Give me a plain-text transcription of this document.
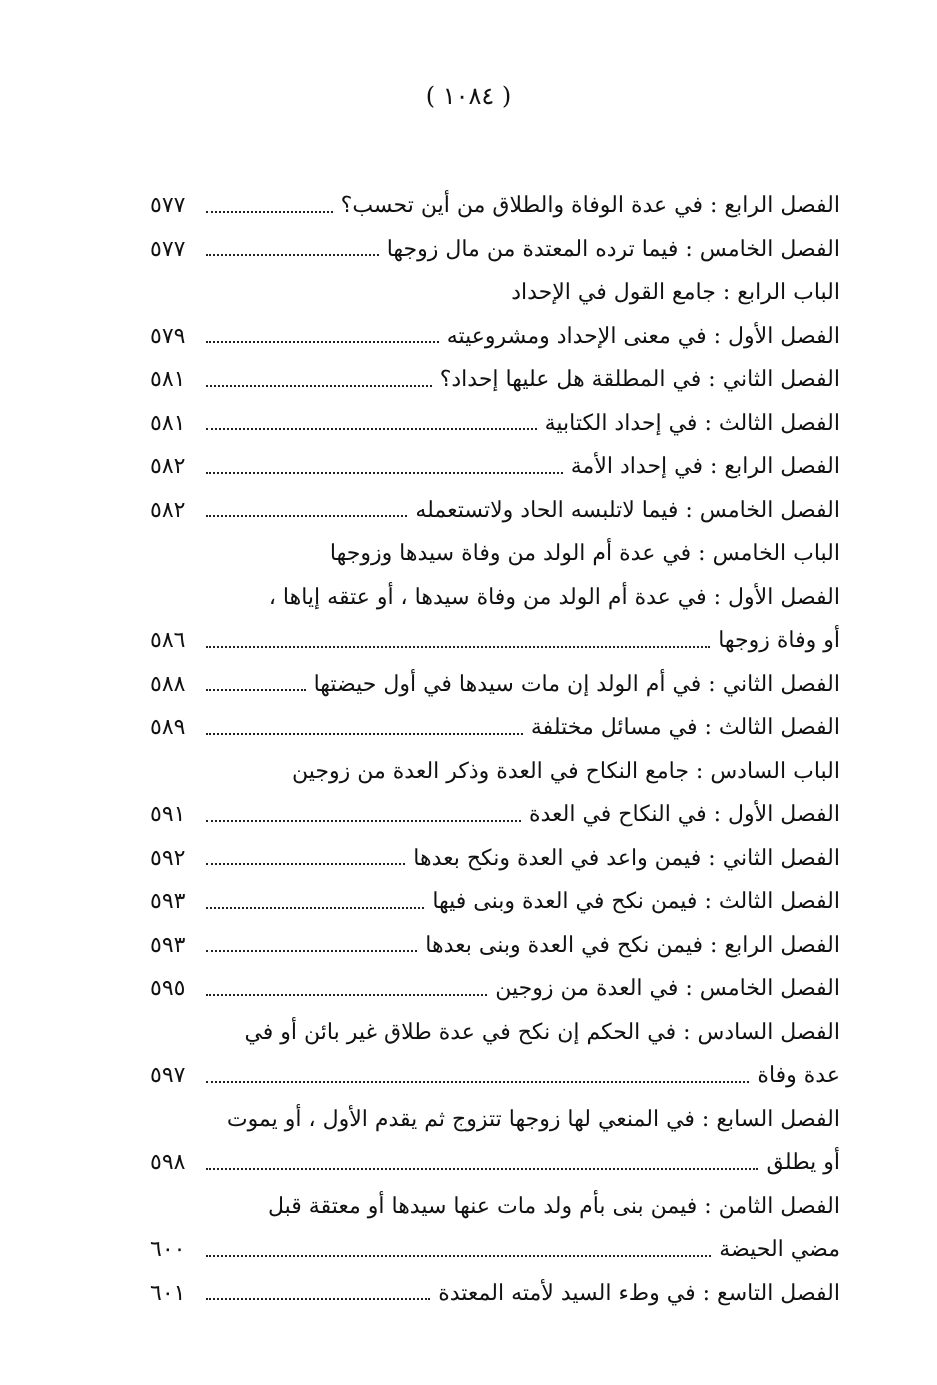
( ١٠٨٤ )
الفصل الرابع : في عدة الوفاة والطلاق من أين تحسب؟
٥٧٧
الفصل الخامس : فيما ترده المعتدة من مال زوجها
٥٧٧
الباب الرابع : جامع القول في الإحداد
الفصل الأول : في معنى الإحداد ومشروعيته
٥٧٩
الفصل الثاني : في المطلقة هل عليها إحداد؟
٥٨١
الفصل الثالث : في إحداد الكتابية
٥٨١
الفصل الرابع : في إحداد الأمة
٥٨٢
الفصل الخامس : فيما لاتلبسه الحاد ولاتستعمله
٥٨٢
الباب الخامس : في عدة أم الولد من وفاة سيدها وزوجها
الفصل الأول : في عدة أم الولد من وفاة سيدها ، أو عتقه إياها ،
أو وفاة زوجها
٥٨٦
الفصل الثاني : في أم الولد إن مات سيدها في أول حيضتها
٥٨٨
الفصل الثالث : في مسائل مختلفة
٥٨٩
الباب السادس : جامع النكاح في العدة وذكر العدة من زوجين
الفصل الأول : في النكاح في العدة
٥٩١
الفصل الثاني : فيمن واعد في العدة ونكح بعدها
٥٩٢
الفصل الثالث : فيمن نكح في العدة وبنى فيها
٥٩٣
الفصل الرابع : فيمن نكح في العدة وبنى بعدها
٥٩٣
الفصل الخامس : في العدة من زوجين
٥٩٥
الفصل السادس : في الحكم إن نكح في عدة طلاق غير بائن أو في
عدة وفاة
٥٩٧
الفصل السابع : في المنعي لها زوجها تتزوج ثم يقدم الأول ، أو يموت
أو يطلق
٥٩٨
الفصل الثامن : فيمن بنى بأم ولد مات عنها سيدها أو معتقة قبل
مضي الحيضة
٦٠٠
الفصل التاسع : في وطء السيد لأمته المعتدة
٦٠١
